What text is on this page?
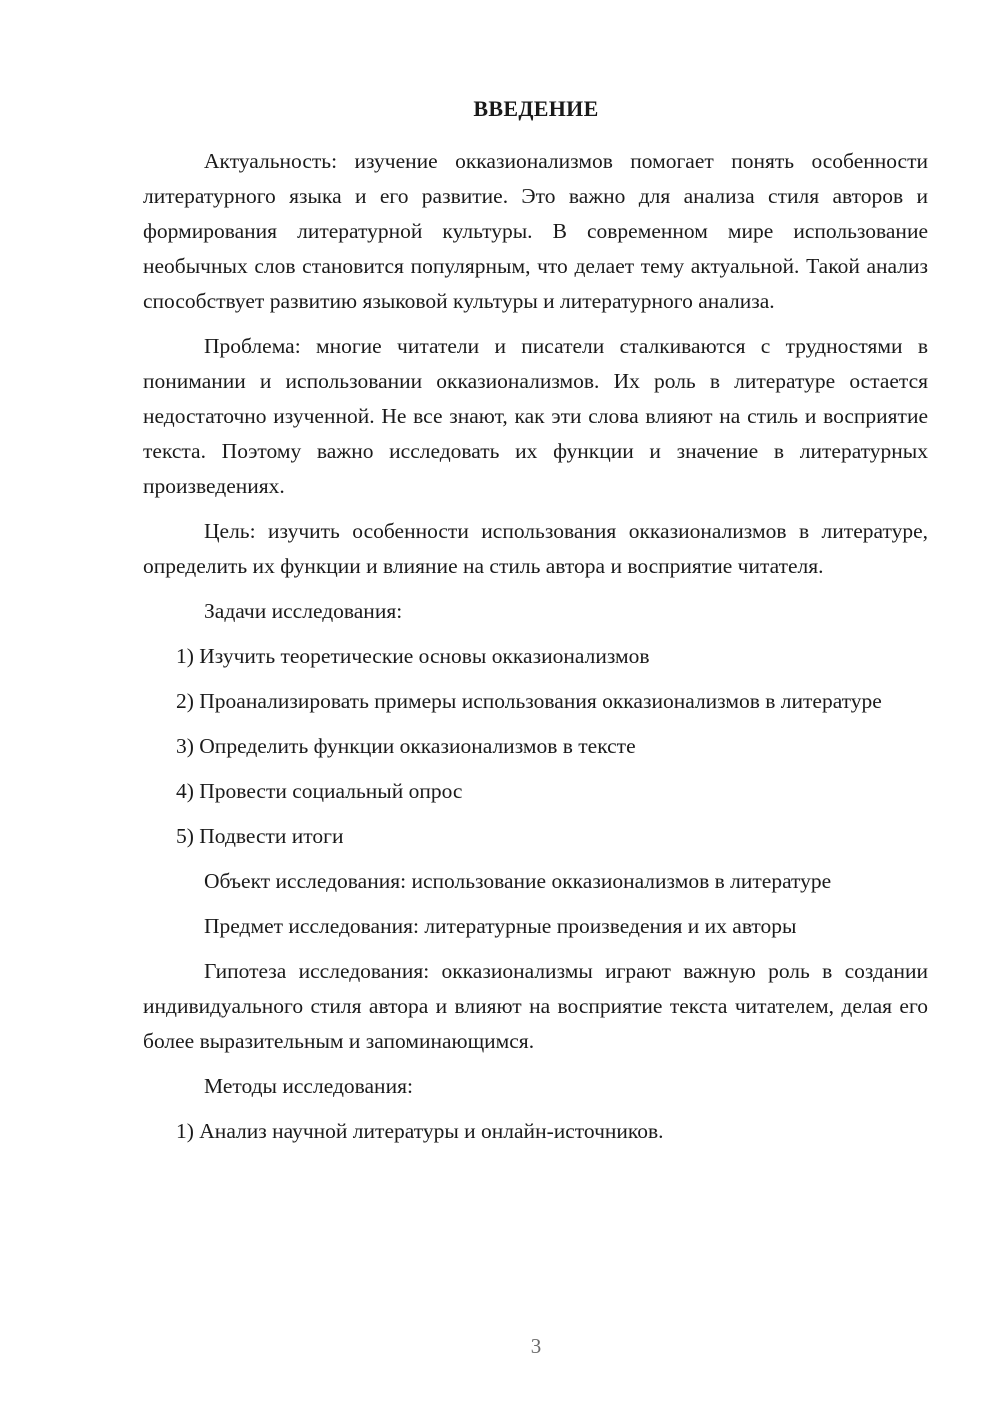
ВВЕДЕНИЕ

Актуальность: изучение окказионализмов помогает понять особенности литературного языка и его развитие. Это важно для анализа стиля авторов и формирования литературной культуры. В современном мире использование необычных слов становится популярным, что делает тему актуальной. Такой анализ способствует развитию языковой культуры и литературного анализа.

Проблема: многие читатели и писатели сталкиваются с трудностями в понимании и использовании окказионализмов. Их роль в литературе остается недостаточно изученной. Не все знают, как эти слова влияют на стиль и восприятие текста. Поэтому важно исследовать их функции и значение в литературных произведениях.

Цель: изучить особенности использования окказионализмов в литературе, определить их функции и влияние на стиль автора и восприятие читателя.

Задачи исследования:

1) Изучить теоретические основы окказионализмов

2) Проанализировать примеры использования окказионализмов в литературе

3) Определить функции окказионализмов в тексте

4) Провести социальный опрос

5) Подвести итоги

Объект исследования: использование окказионализмов в литературе

Предмет исследования: литературные произведения и их авторы

Гипотеза исследования: окказионализмы играют важную роль в создании индивидуального стиля автора и влияют на восприятие текста читателем, делая его более выразительным и запоминающимся.

Методы исследования:

1) Анализ научной литературы и онлайн-источников.

3
